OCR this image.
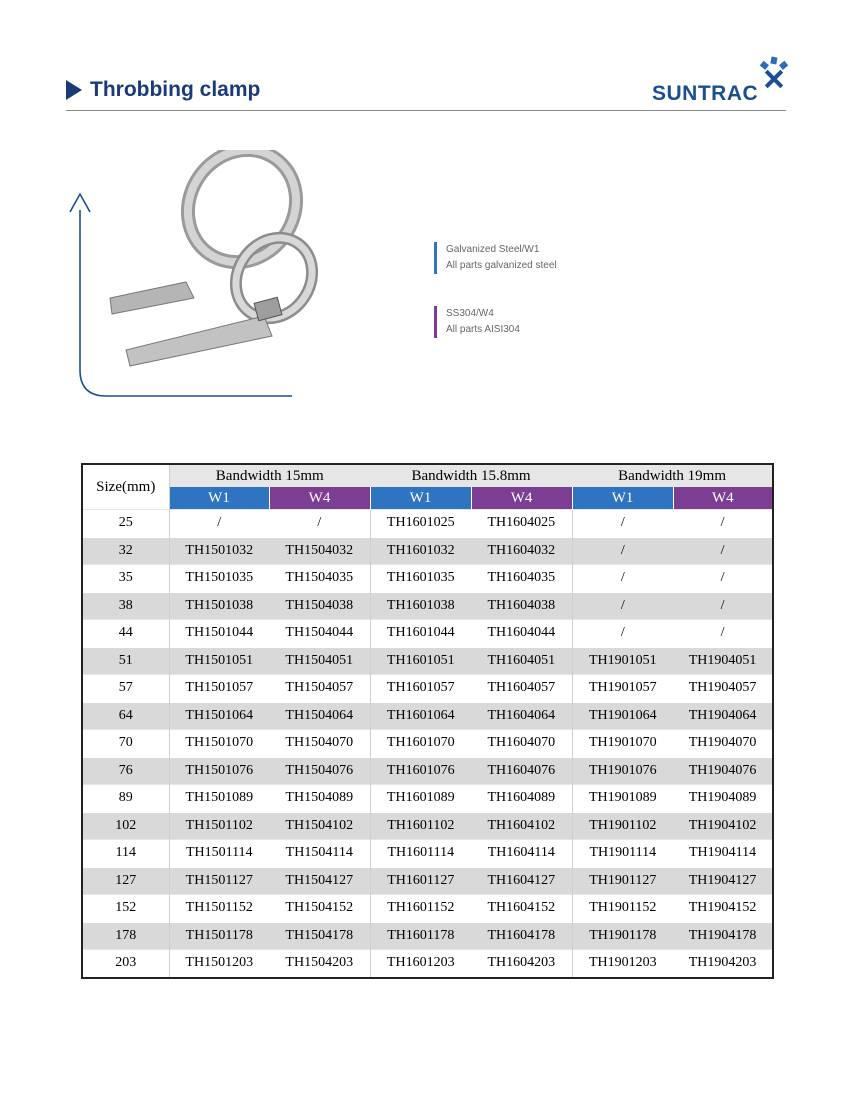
Throbbing clamp	SUNTRAC
Galvanized Steel/W1
All parts galvanized steel
SS304/W4
All parts AISI304
Size(mm)	Bandwidth 15mm		Bandwidth 15.8mm		Bandwidth 19mm	
	W1	W4	W1	W4	W1	W4
25	/	/	TH1601025	TH1604025	/	/
32	TH1501032	TH1504032	TH1601032	TH1604032	/	/
35	TH1501035	TH1504035	TH1601035	TH1604035	/	/
38	TH1501038	TH1504038	TH1601038	TH1604038	/	/
44	TH1501044	TH1504044	TH1601044	TH1604044	/	/
51	TH1501051	TH1504051	TH1601051	TH1604051	TH1901051	TH1904051
57	TH1501057	TH1504057	TH1601057	TH1604057	TH1901057	TH1904057
64	TH1501064	TH1504064	TH1601064	TH1604064	TH1901064	TH1904064
70	TH1501070	TH1504070	TH1601070	TH1604070	TH1901070	TH1904070
76	TH1501076	TH1504076	TH1601076	TH1604076	TH1901076	TH1904076
89	TH1501089	TH1504089	TH1601089	TH1604089	TH1901089	TH1904089
102	TH1501102	TH1504102	TH1601102	TH1604102	TH1901102	TH1904102
114	TH1501114	TH1504114	TH1601114	TH1604114	TH1901114	TH1904114
127	TH1501127	TH1504127	TH1601127	TH1604127	TH1901127	TH1904127
152	TH1501152	TH1504152	TH1601152	TH1604152	TH1901152	TH1904152
178	TH1501178	TH1504178	TH1601178	TH1604178	TH1901178	TH1904178
203	TH1501203	TH1504203	TH1601203	TH1604203	TH1901203	TH1904203
